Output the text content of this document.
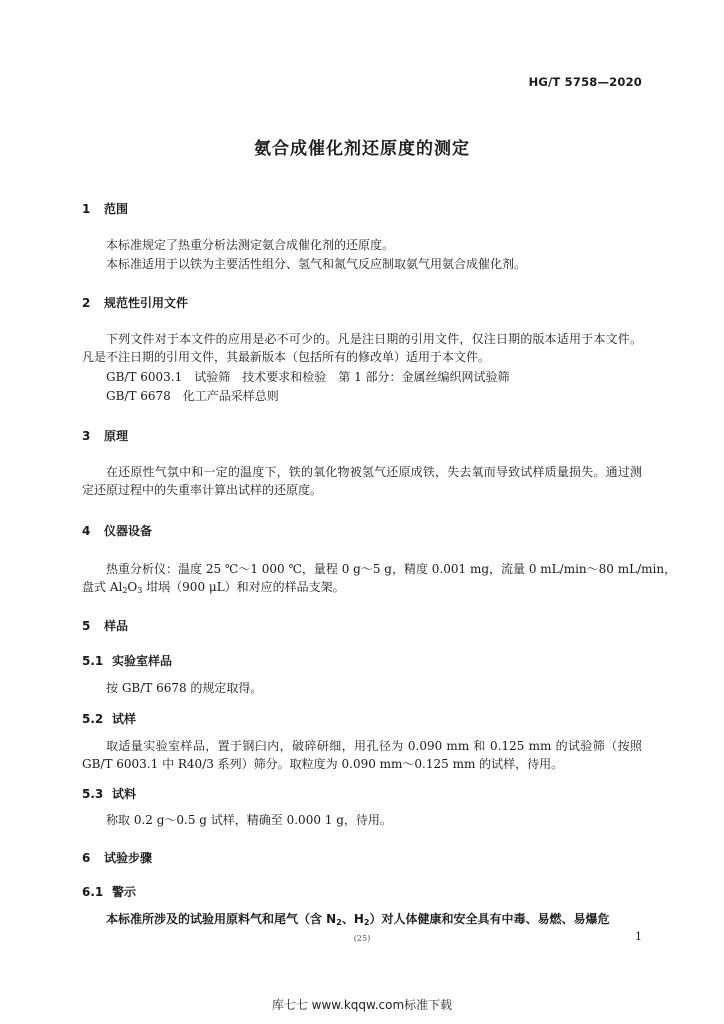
HG/T 5758—2020
氨合成催化剂还原度的测定
1 范围
本标准规定了热重分析法测定氨合成催化剂的还原度。
本标准适用于以铁为主要活性组分、氢气和氮气反应制取氨气用氨合成催化剂。
2 规范性引用文件
下列文件对于本文件的应用是必不可少的。凡是注日期的引用文件，仅注日期的版本适用于本文件。凡是不注日期的引用文件，其最新版本（包括所有的修改单）适用于本文件。
GB/T 6003.1　试验筛　技术要求和检验　第 1 部分：金属丝编织网试验筛
GB/T 6678　化工产品采样总则
3 原理
在还原性气氛中和一定的温度下，铁的氧化物被氢气还原成铁，失去氧而导致试样质量损失。通过测定还原过程中的失重率计算出试样的还原度。
4 仪器设备
热重分析仪：温度 25 ℃～1 000 ℃，量程 0 g～5 g，精度 0.001 mg，流量 0 mL/min～80 mL/min，
盘式 $Al_2O_3$ 坩埚（900 μL）和对应的样品支架。
5 样品
5.1 实验室样品
按 GB/T 6678 的规定取得。
5.2 试样
取适量实验室样品，置于钢臼内，破碎研细，用孔径为 0.090 mm 和 0.125 mm 的试验筛（按照 GB/T 6003.1 中 R40/3 系列）筛分。取粒度为 0.090 mm～0.125 mm 的试样，待用。
5.3 试料
称取 0.2 g～0.5 g 试样，精确至 0.000 1 g，待用。
6 试验步骤
6.1 警示
本标准所涉及的试验用原料气和尾气（含 $N_2$、$H_2$）对人体健康和安全具有中毒、易燃、易爆危
(25)	1
库七七 www.kqqw.com标准下载
